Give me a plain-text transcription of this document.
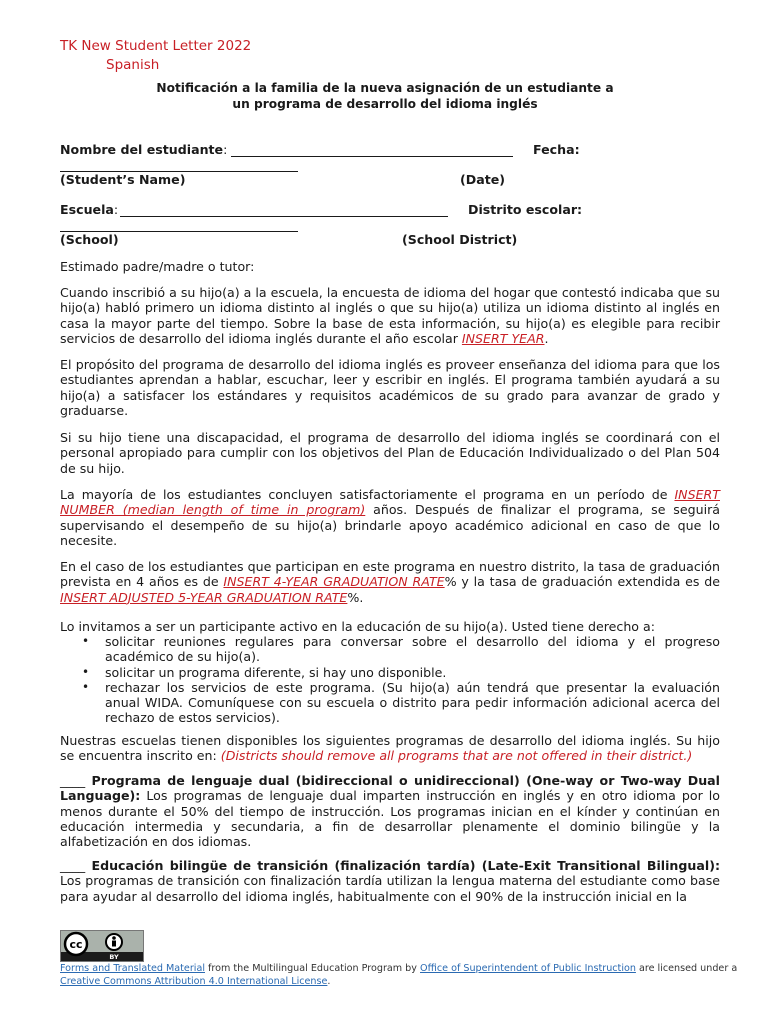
TK New Student Letter 2022
Spanish
Notificación a la familia de la nueva asignación de un estudiante a un programa de desarrollo del idioma inglés
Nombre del estudiante:	Fecha:
(Student’s Name)	(Date)
Escuela:	Distrito escolar:
(School)	(School District)
Estimado padre/madre o tutor:
Cuando inscribió a su hijo(a) a la escuela, la encuesta de idioma del hogar que contestó indicaba que su hijo(a) habló primero un idioma distinto al inglés o que su hijo(a) utiliza un idioma distinto al inglés en casa la mayor parte del tiempo. Sobre la base de esta información, su hijo(a) es elegible para recibir servicios de desarrollo del idioma inglés durante el año escolar INSERT YEAR.
El propósito del programa de desarrollo del idioma inglés es proveer enseñanza del idioma para que los estudiantes aprendan a hablar, escuchar, leer y escribir en inglés. El programa también ayudará a su hijo(a) a satisfacer los estándares y requisitos académicos de su grado para avanzar de grado y graduarse.
Si su hijo tiene una discapacidad, el programa de desarrollo del idioma inglés se coordinará con el personal apropiado para cumplir con los objetivos del Plan de Educación Individualizado o del Plan 504 de su hijo.
La mayoría de los estudiantes concluyen satisfactoriamente el programa en un período de INSERT NUMBER (median length of time in program) años. Después de finalizar el programa, se seguirá supervisando el desempeño de su hijo(a) brindarle apoyo académico adicional en caso de que lo necesite.
En el caso de los estudiantes que participan en este programa en nuestro distrito, la tasa de graduación prevista en 4 años es de INSERT 4-YEAR GRADUATION RATE% y la tasa de graduación extendida es de INSERT ADJUSTED 5-YEAR GRADUATION RATE%.
Lo invitamos a ser un participante activo en la educación de su hijo(a). Usted tiene derecho a:
• solicitar reuniones regulares para conversar sobre el desarrollo del idioma y el progreso académico de su hijo(a).
• solicitar un programa diferente, si hay uno disponible.
• rechazar los servicios de este programa. (Su hijo(a) aún tendrá que presentar la evaluación anual WIDA. Comuníquese con su escuela o distrito para pedir información adicional acerca del rechazo de estos servicios).
Nuestras escuelas tienen disponibles los siguientes programas de desarrollo del idioma inglés. Su hijo se encuentra inscrito en: (Districts should remove all programs that are not offered in their district.)
____ Programa de lenguaje dual (bidireccional o unidireccional) (One-way or Two-way Dual Language): Los programas de lenguaje dual imparten instrucción en inglés y en otro idioma por lo menos durante el 50% del tiempo de instrucción. Los programas inician en el kínder y continúan en educación intermedia y secundaria, a fin de desarrollar plenamente el dominio bilingüe y la alfabetización en dos idiomas.
____ Educación bilingüe de transición (finalización tardía) (Late-Exit Transitional Bilingual): Los programas de transición con finalización tardía utilizan la lengua materna del estudiante como base para ayudar al desarrollo del idioma inglés, habitualmente con el 90% de la instrucción inicial en la
cc
BY
Forms and Translated Material from the Multilingual Education Program by Office of Superintendent of Public Instruction are licensed under a Creative Commons Attribution 4.0 International License.
